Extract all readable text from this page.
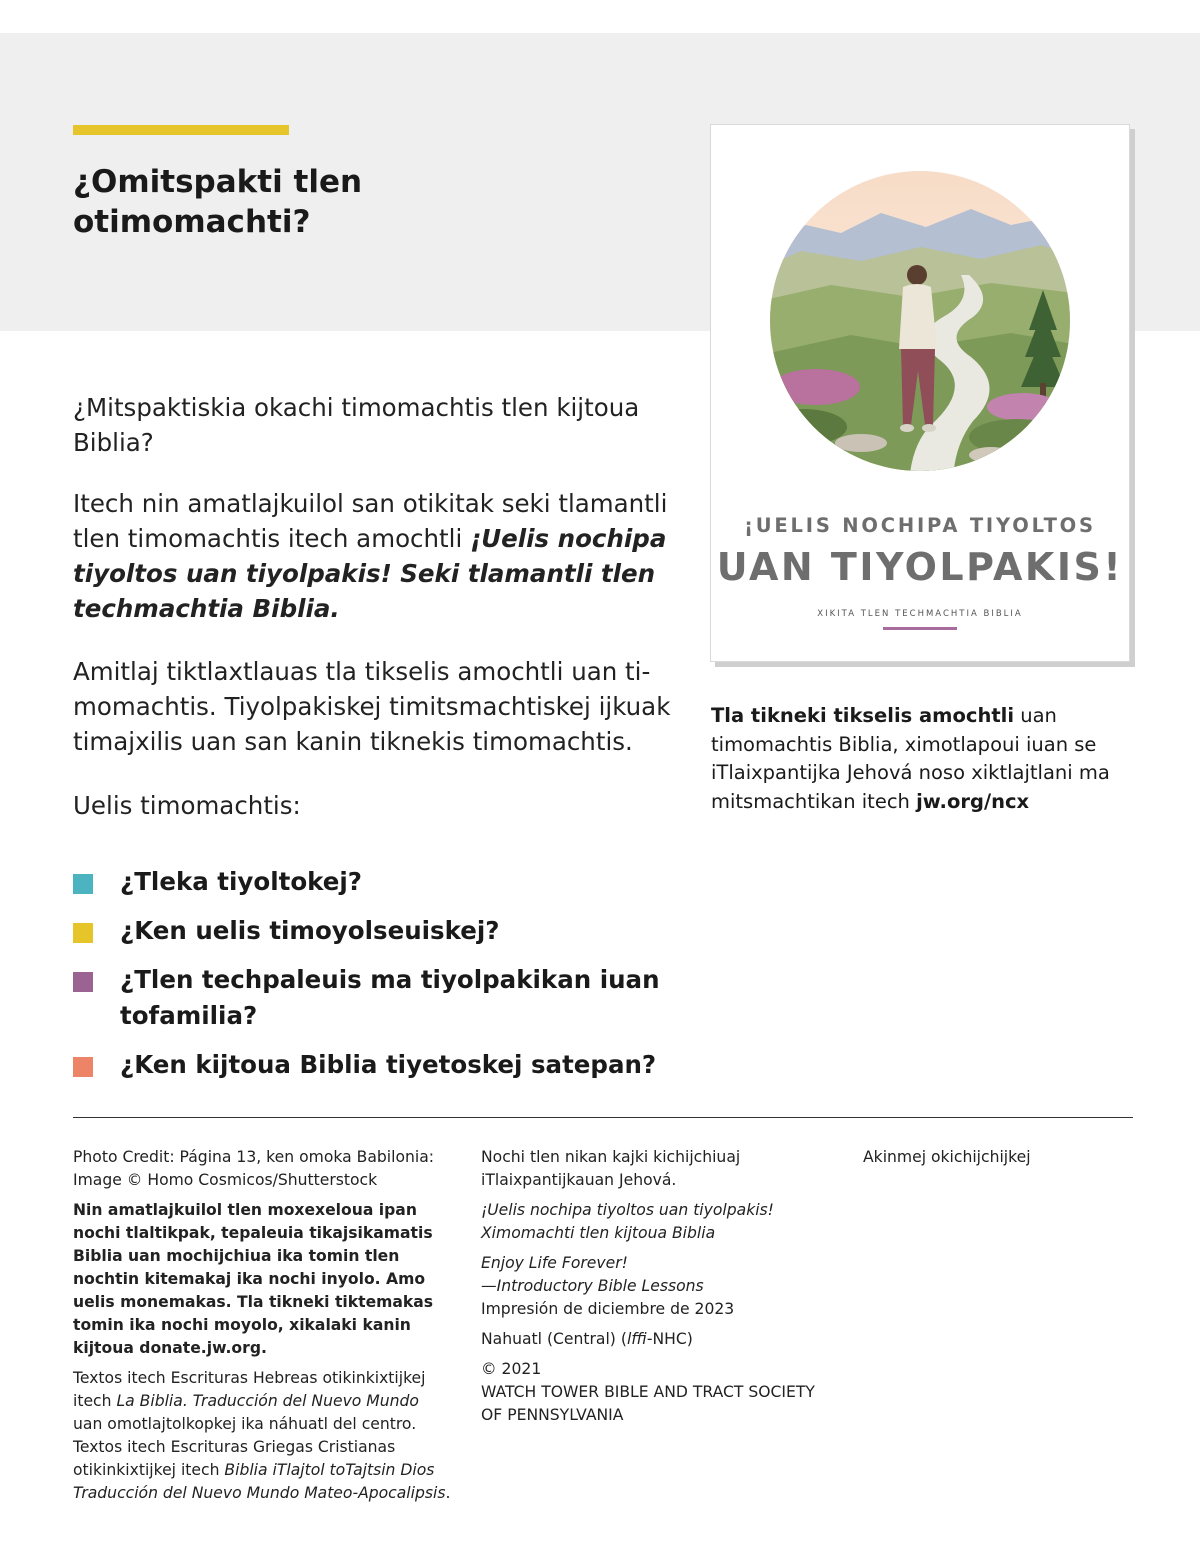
¿Omitspakti tlen otimomachti?

¿Mitspaktiskia okachi timomachtis tlen kijtoua Biblia?

Itech nin amatlajkuilol san otikitak seki tlamantli tlen timomachtis itech amochtli ¡Uelis nochipa tiyoltos uan tiyolpakis! Seki tlamantli tlen techmachtia Biblia.

Amitlaj tiktlaxtlauas tla tikselis amochtli uan ti-momachtis. Tiyolpakiskej timitsmachtiskej ijkuak timajxilis uan san kanin tiknekis timomachtis.

Uelis timomachtis:

¿Tleka tiyoltokej?
¿Ken uelis timoyolseuiskej?
¿Tlen techpaleuis ma tiyolpakikan iuan tofamilia?
¿Ken kijtoua Biblia tiyetoskej satepan?
¡UELIS NOCHIPA TIYOLTOS
UAN TIYOLPAKIS!
XIKITA TLEN TECHMACHTIA BIBLIA

Tla tikneki tikselis amochtli uan timomachtis Biblia, ximotlapoui iuan se iTlaixpantijka Jehová noso xiktlajtlani ma mitsmachtikan itech jw.org/ncx

Photo Credit: Página 13, ken omoka Babilonia: Image © Homo Cosmicos/Shutterstock

Nin amatlajkuilol tlen moxexeloua ipan nochi tlaltikpak, tepaleuia tikajsikamatis Biblia uan mochijchiua ika tomin tlen nochtin kitemakaj ika nochi inyolo. Amo uelis monemakas. Tla tikneki tiktemakas tomin ika nochi moyolo, xikalaki kanin kijtoua donate.jw.org.

Textos itech Escrituras Hebreas otikinkixtijkej itech La Biblia. Traducción del Nuevo Mundo uan omotlajtolkopkej ika náhuatl del centro. Textos itech Escrituras Griegas Cristianas otikinkixtijkej itech Biblia iTlajtol toTajtsin Dios Traducción del Nuevo Mundo Mateo-Apocalipsis.

Nochi tlen nikan kajki kichijchiuaj iTlaixpantijkauan Jehová.

¡Uelis nochipa tiyoltos uan tiyolpakis!
Ximomachti tlen kijtoua Biblia

Enjoy Life Forever!
—Introductory Bible Lessons
Impresión de diciembre de 2023

Nahuatl (Central) (lffi-NHC)

© 2021
WATCH TOWER BIBLE AND TRACT SOCIETY OF PENNSYLVANIA

Akinmej okichijchijkej
